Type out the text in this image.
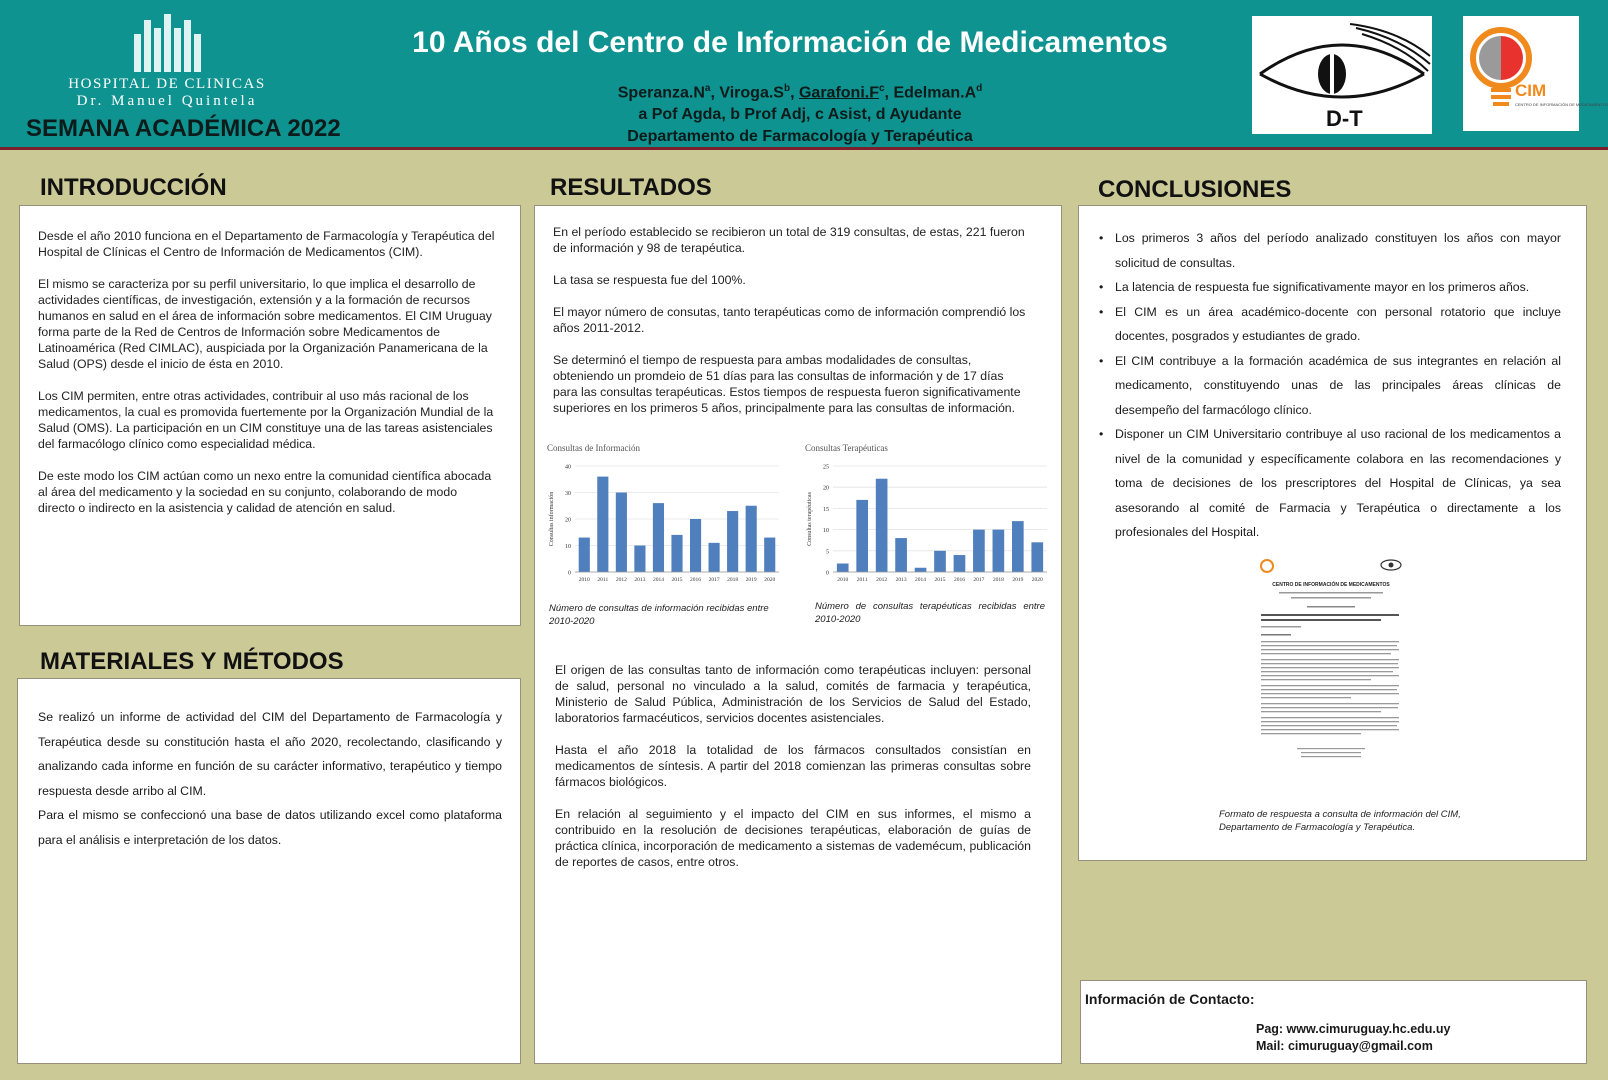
HOSPITAL DE CLINICAS
Dr. Manuel Quintela
SEMANA ACADÉMICA 2022
10 Años del Centro de Información de Medicamentos
$Speranza.N^a$, $Viroga.S^b$, $Garafoni.F^c$, $Edelman.A^d$
a Pof Agda, b Prof Adj, c Asist, d Ayudante
Departamento de Farmacología y Terapéutica
D-T
CIM
CENTRO DE INFORMACIÓN DE MEDICAMENTOS
INTRODUCCIÓN

Desde el año 2010 funciona en el Departamento de Farmacología y Terapéutica del Hospital de Clínicas el Centro de Información de Medicamentos (CIM).

El mismo se caracteriza por su perfil universitario, lo que implica el desarrollo de actividades científicas, de investigación, extensión y a la formación de recursos humanos en salud en el área de información sobre medicamentos. El CIM Uruguay forma parte de la Red de Centros de Información sobre Medicamentos de Latinoamérica (Red CIMLAC), auspiciada por la Organización Panamericana de la Salud (OPS) desde el inicio de ésta en 2010.

Los CIM permiten, entre otras actividades, contribuir al uso más racional de los medicamentos, la cual es promovida fuertemente por la Organización Mundial de la Salud (OMS). La participación en un CIM constituye una de las tareas asistenciales del farmacólogo clínico como especialidad médica.

De este modo los CIM actúan como un nexo entre la comunidad científica abocada al área del medicamento y la sociedad en su conjunto, colaborando de modo directo o indirecto en la asistencia y calidad de atención en salud.

MATERIALES Y MÉTODOS

Se realizó un informe de actividad del CIM del Departamento de Farmacología y Terapéutica desde su constitución hasta el año 2020, recolectando, clasificando y analizando cada informe en función de su carácter informativo, terapéutico y tiempo respuesta desde arribo al CIM.

Para el mismo se confeccionó una base de datos utilizando excel como plataforma para el análisis e interpretación de los datos.

RESULTADOS

En el período establecido se recibieron un total de 319 consultas, de estas, 221 fueron de información y 98 de terapéutica.

La tasa se respuesta fue del 100%.

El mayor número de consutas, tanto terapéuticas como de información comprendió los años 2011-2012.

Se determinó el tiempo de respuesta para ambas modalidades de consultas, obteniendo un promdeio de 51 días para las consultas de información y de 17 días para las consultas terapéuticas. Estos tiempos de respuesta fueron significativamente superiores en los primeros 5 años, principalmente para las consultas de información.

Consultas de Información
0
10
20
30
40
Consultas información
2010 2011 2012 2013 2014 2015 2016 2017 2018 2019 2020
Consultas Terapéuticas
0
5
10
15
20
25
Consultas terapéuticas
2010 2011 2012 2013 2014 2015 2016 2017 2018 2019 2020
Número de consultas de información recibidas entre 2010-2020
Número de consultas terapéuticas recibidas entre 2010-2020

El origen de las consultas tanto de información como terapéuticas incluyen: personal de salud, personal no vinculado a la salud, comités de farmacia y terapéutica, Ministerio de Salud Pública, Administración de los Servicios de Salud del Estado, laboratorios farmacéuticos, servicios docentes asistenciales.

Hasta el año 2018 la totalidad de los fármacos consultados consistían en medicamentos de síntesis. A partir del 2018 comienzan las primeras consultas sobre fármacos biológicos.

En relación al seguimiento y el impacto del CIM en sus informes, el mismo a contribuido en la resolución de decisiones terapéuticas, elaboración de guías de práctica clínica, incorporación de medicamento a sistemas de vademécum, publicación de reportes de casos, entre otros.

CONCLUSIONES
• Los primeros 3 años del período analizado constituyen los años con mayor solicitud de consultas.
• La latencia de respuesta fue significativamente mayor en los primeros años.
• El CIM es un área académico-docente con personal rotatorio que incluye docentes, posgrados y estudiantes de grado.
• El CIM contribuye a la formación académica de sus integrantes en relación al medicamento, constituyendo unas de las principales áreas clínicas de desempeño del farmacólogo clínico.
• Disponer un CIM Universitario contribuye al uso racional de los medicamentos a nivel de la comunidad y específicamente colabora en las recomendaciones y toma de decisiones de los prescriptores del Hospital de Clínicas, ya sea asesorando al comité de Farmacia y Terapéutica o directamente a los profesionales del Hospital.
CENTRO DE INFORMACIÓN DE MEDICAMENTOS
Formato de respuesta a consulta de información del CIM, Departamento de Farmacología y Terapéutica.
Información de Contacto:
Pag: www.cimuruguay.hc.edu.uy
Mail: cimuruguay@gmail.com
